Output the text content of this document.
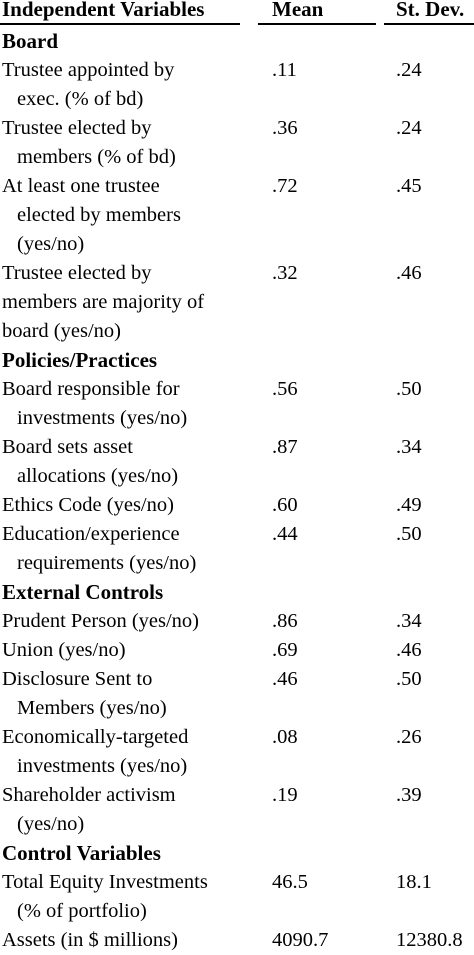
Independent Variables	Mean	St. Dev.
Board
Trustee appointed by
exec. (% of bd)
.11	.24
Trustee elected by
members (% of bd)
.36	.24
At least one trustee
elected by members
(yes/no)
.72	.45
Trustee elected by
members are majority of
board (yes/no)
.32	.46
Policies/Practices
Board responsible for
investments (yes/no)
.56	.50
Board sets asset
allocations (yes/no)
.87	.34
Ethics Code (yes/no)	.60	.49
Education/experience
requirements (yes/no)
.44	.50
External Controls
Prudent Person (yes/no)	.86	.34
Union (yes/no)	.69	.46
Disclosure Sent to
Members (yes/no)
.46	.50
Economically-targeted
investments (yes/no)
.08	.26
Shareholder activism
(yes/no)
.19	.39
Control Variables
Total Equity Investments
(% of portfolio)
46.5	18.1
Assets (in $ millions)	4090.7	12380.8
